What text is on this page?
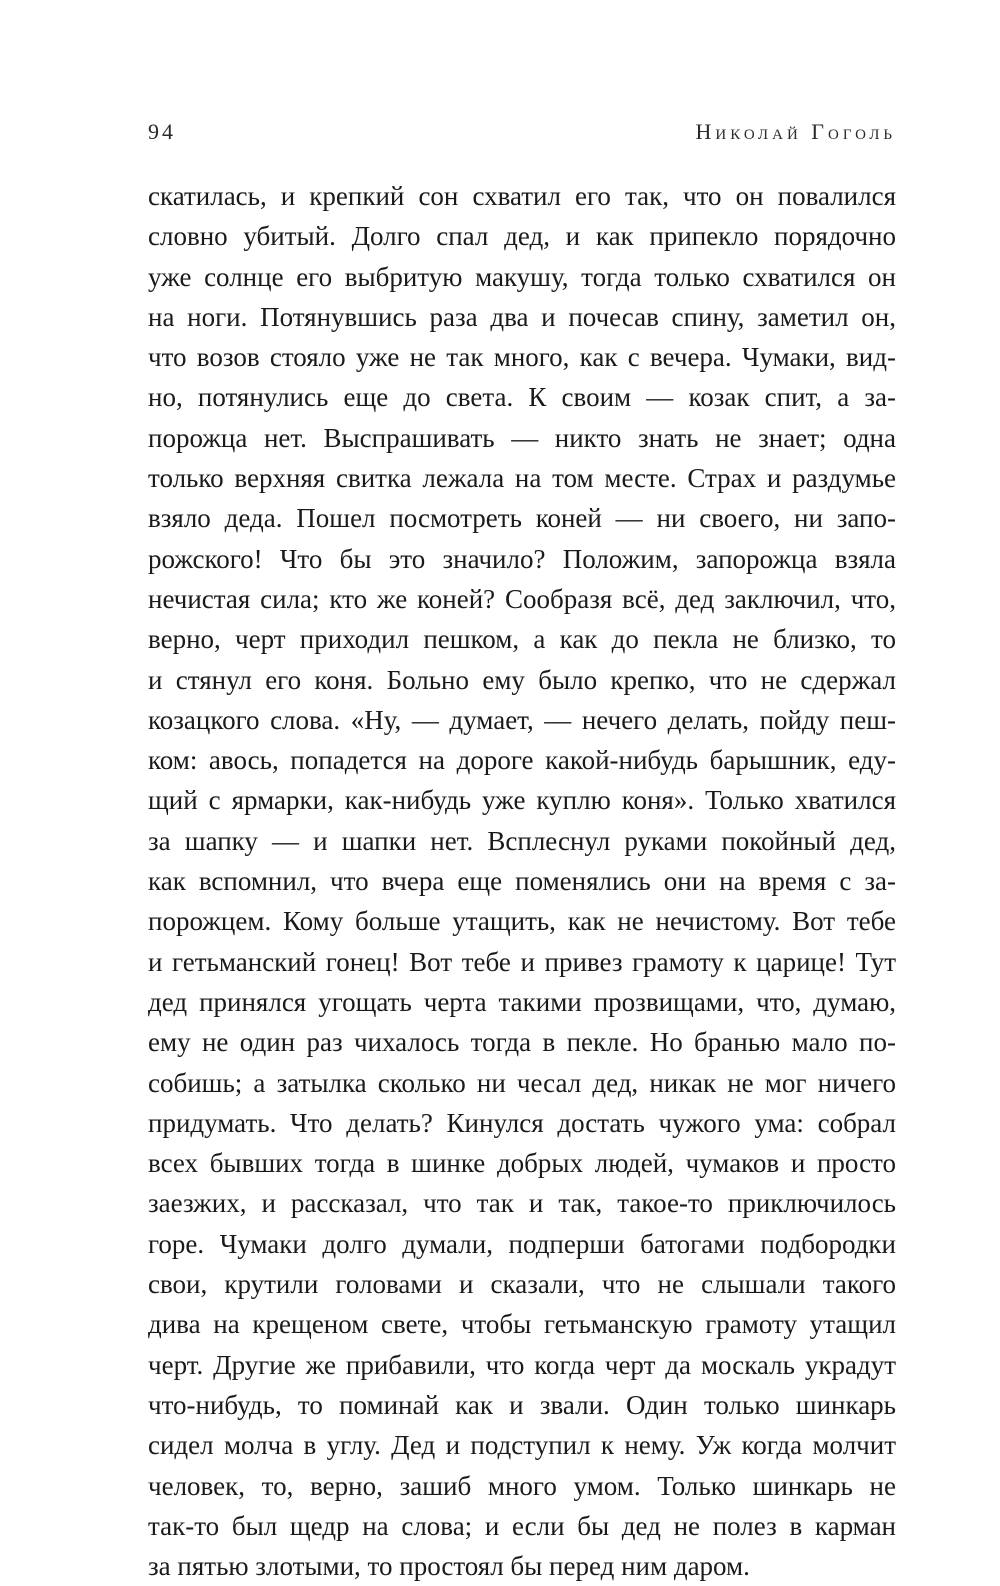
94	Николай Гоголь
скатилась, и крепкий сон схватил его так, что он повалился
словно убитый. Долго спал дед, и как припекло порядочно
уже солнце его выбритую макушу, тогда только схватился он
на ноги. Потянувшись раза два и почесав спину, заметил он,
что возов стояло уже не так много, как с вечера. Чумаки, вид-
но, потянулись еще до света. К своим — козак спит, а за-
порожца нет. Выспрашивать — никто знать не знает; одна
только верхняя свитка лежала на том месте. Страх и раздумье
взяло деда. Пошел посмотреть коней — ни своего, ни запо-
рожского! Что бы это значило? Положим, запорожца взяла
нечистая сила; кто же коней? Сообразя всё, дед заключил, что,
верно, черт приходил пешком, а как до пекла не близко, то
и стянул его коня. Больно ему было крепко, что не сдержал
козацкого слова. «Ну, — думает, — нечего делать, пойду пеш-
ком: авось, попадется на дороге какой-нибудь барышник, еду-
щий с ярмарки, как-нибудь уже куплю коня». Только хватился
за шапку — и шапки нет. Всплеснул руками покойный дед,
как вспомнил, что вчера еще поменялись они на время с за-
порожцем. Кому больше утащить, как не нечистому. Вот тебе
и гетьманский гонец! Вот тебе и привез грамоту к царице! Тут
дед принялся угощать черта такими прозвищами, что, думаю,
ему не один раз чихалось тогда в пекле. Но бранью мало по-
собишь; а затылка сколько ни чесал дед, никак не мог ничего
придумать. Что делать? Кинулся достать чужого ума: собрал
всех бывших тогда в шинке добрых людей, чумаков и просто
заезжих, и рассказал, что так и так, такое-то приключилось
горе. Чумаки долго думали, подперши батогами подбородки
свои, крутили головами и сказали, что не слышали такого
дива на крещеном свете, чтобы гетьманскую грамоту утащил
черт. Другие же прибавили, что когда черт да москаль украдут
что-нибудь, то поминай как и звали. Один только шинкарь
сидел молча в углу. Дед и подступил к нему. Уж когда молчит
человек, то, верно, зашиб много умом. Только шинкарь не
так-то был щедр на слова; и если бы дед не полез в карман
за пятью злотыми, то простоял бы перед ним даром.
